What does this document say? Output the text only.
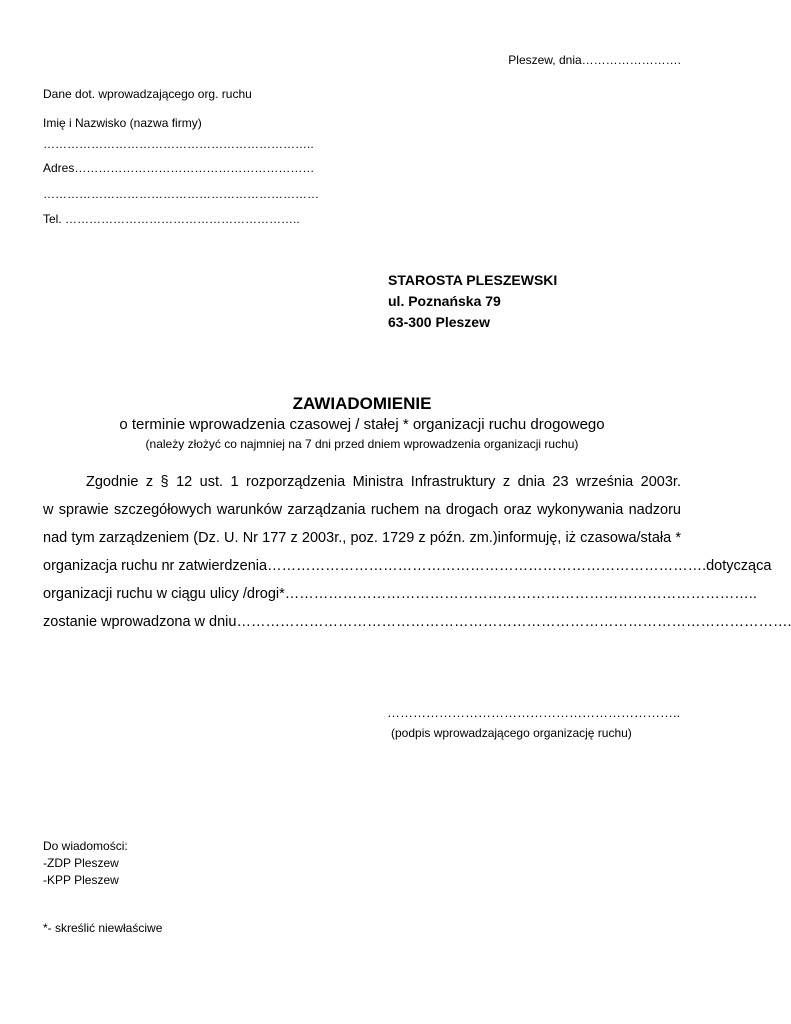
Pleszew, dnia…………………….
Dane dot. wprowadzającego org. ruchu
Imię i Nazwisko (nazwa firmy)
…………………………………………………………..
Adres……………………………………………………
……………………………………………………………
Tel. …………………………………………………..
STAROSTA PLESZEWSKI
ul. Poznańska 79
63-300 Pleszew
ZAWIADOMIENIE
o terminie wprowadzenia czasowej / stałej * organizacji ruchu drogowego
(należy złożyć co najmniej na 7 dni przed dniem wprowadzenia organizacji ruchu)
Zgodnie z § 12 ust. 1 rozporządzenia Ministra Infrastruktury z dnia 23 września 2003r.
w sprawie szczegółowych warunków zarządzania ruchem na drogach oraz wykonywania nadzoru
nad tym zarządzeniem (Dz. U. Nr 177 z 2003r., poz. 1729 z późn. zm.)informuję, iż czasowa/stała *
organizacja ruchu nr zatwierdzenia……………………………………………………………………………….dotycząca
organizacji ruchu w ciągu ulicy /drogi*……………………………………………………………………………………..
zostanie wprowadzona w dniu…………………………………………………………………………………………………….
…………………………………………………………..
(podpis wprowadzającego organizację ruchu)
Do wiadomości:
-ZDP Pleszew
-KPP Pleszew
*- skreślić niewłaściwe
